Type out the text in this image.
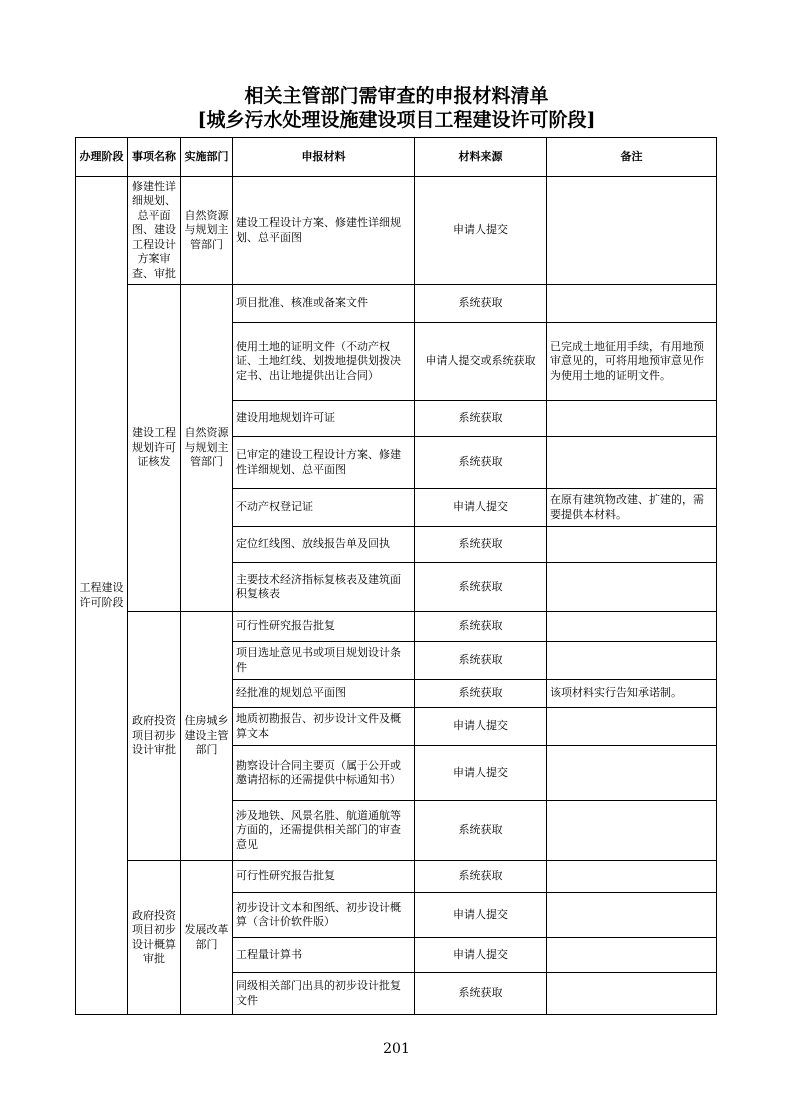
相关主管部门需审查的申报材料清单
[城乡污水处理设施建设项目工程建设许可阶段]
办理阶段	事项名称	实施部门	申报材料	材料来源	备注
工程建设许可阶段	修建性详细规划、总平面图、建设工程设计方案审查、审批	自然资源与规划主管部门	建设工程设计方案、修建性详细规划、总平面图	申请人提交	
	建设工程规划许可证核发	自然资源与规划主管部门	项目批准、核准或备案文件	系统获取	
			使用土地的证明文件（不动产权证、土地红线、划拨地提供划拨决定书、出让地提供出让合同）	申请人提交或系统获取	已完成土地征用手续，有用地预审意见的，可将用地预审意见作为使用土地的证明文件。
			建设用地规划许可证	系统获取	
			已审定的建设工程设计方案、修建性详细规划、总平面图	系统获取	
			不动产权登记证	申请人提交	在原有建筑物改建、扩建的，需要提供本材料。
			定位红线图、放线报告单及回执	系统获取	
			主要技术经济指标复核表及建筑面积复核表	系统获取	
	政府投资项目初步设计审批	住房城乡建设主管部门	可行性研究报告批复	系统获取	
			项目选址意见书或项目规划设计条件	系统获取	
			经批准的规划总平面图	系统获取	该项材料实行告知承诺制。
			地质初勘报告、初步设计文件及概算文本	申请人提交	
			勘察设计合同主要页（属于公开或邀请招标的还需提供中标通知书）	申请人提交	
			涉及地铁、风景名胜、航道通航等方面的，还需提供相关部门的审查意见	系统获取	
	政府投资项目初步设计概算审批	发展改革部门	可行性研究报告批复	系统获取	
			初步设计文本和图纸、初步设计概算（含计价软件版）	申请人提交	
			工程量计算书	申请人提交	
			同级相关部门出具的初步设计批复文件	系统获取	
201
